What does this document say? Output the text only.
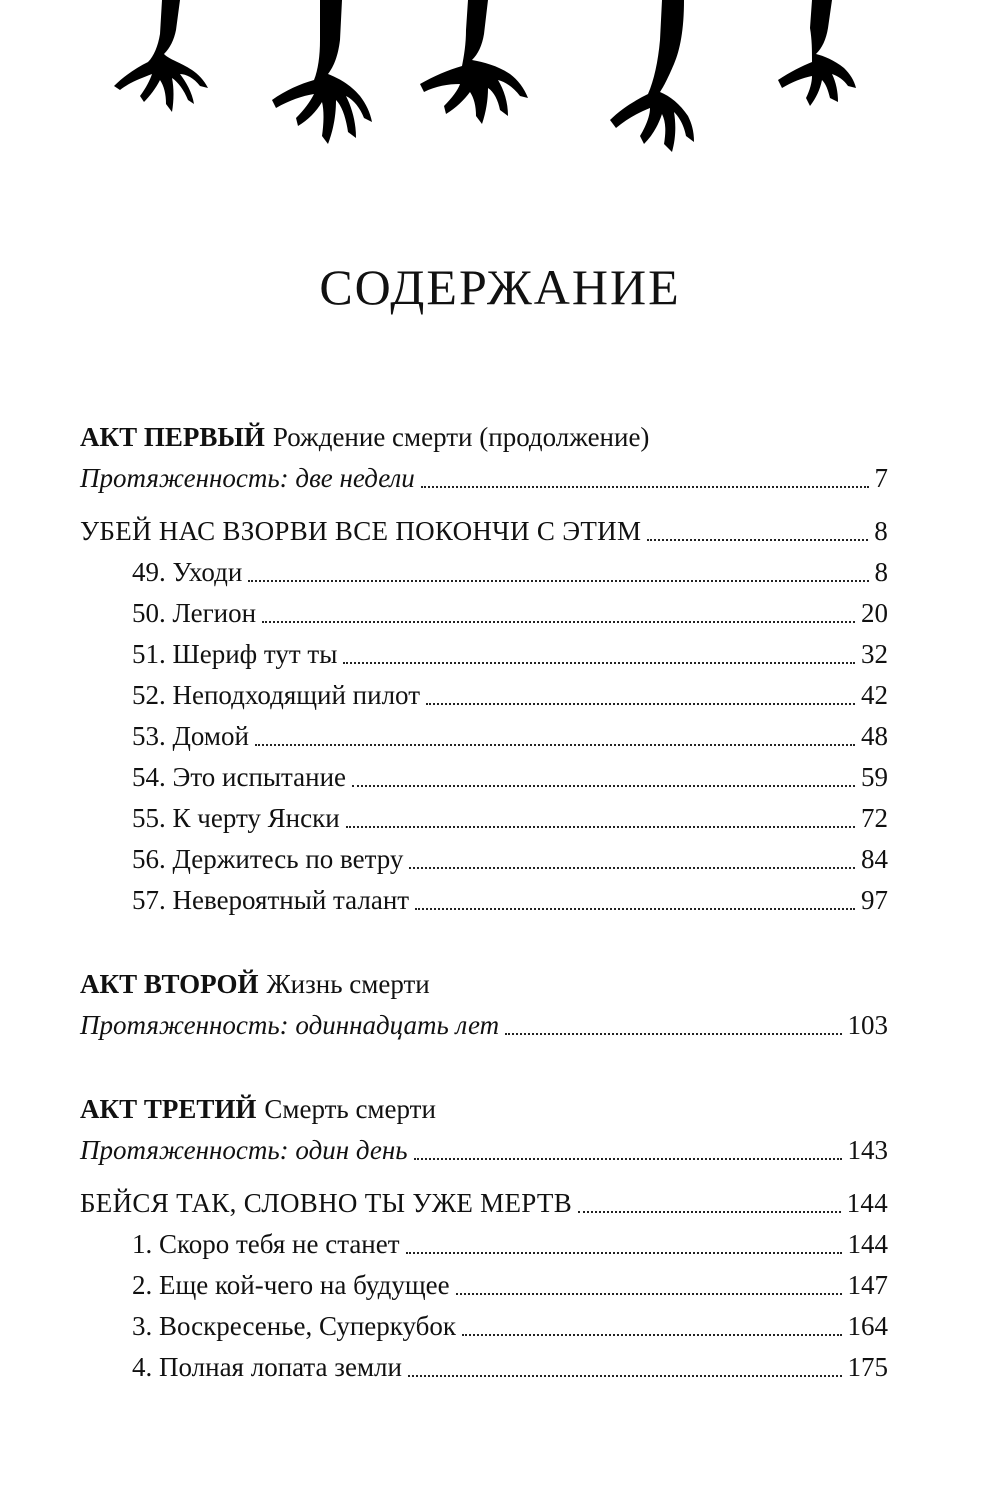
СОДЕРЖАНИЕ
АКТ ПЕРВЫЙ Рождение смерти (продолжение)
Протяженность: две недели	7
УБЕЙ НАС ВЗОРВИ ВСЕ ПОКОНЧИ С ЭТИМ	8
49. Уходи	8
50. Легион	20
51. Шериф тут ты	32
52. Неподходящий пилот	42
53. Домой	48
54. Это испытание	59
55. К черту Янски	72
56. Держитесь по ветру	84
57. Невероятный талант	97
АКТ ВТОРОЙ Жизнь смерти
Протяженность: одиннадцать лет	103
АКТ ТРЕТИЙ Смерть смерти
Протяженность: один день	143
БЕЙСЯ ТАК, СЛОВНО ТЫ УЖЕ МЕРТВ	144
1. Скоро тебя не станет	144
2. Еще кой-чего на будущее	147
3. Воскресенье, Суперкубок	164
4. Полная лопата земли	175
